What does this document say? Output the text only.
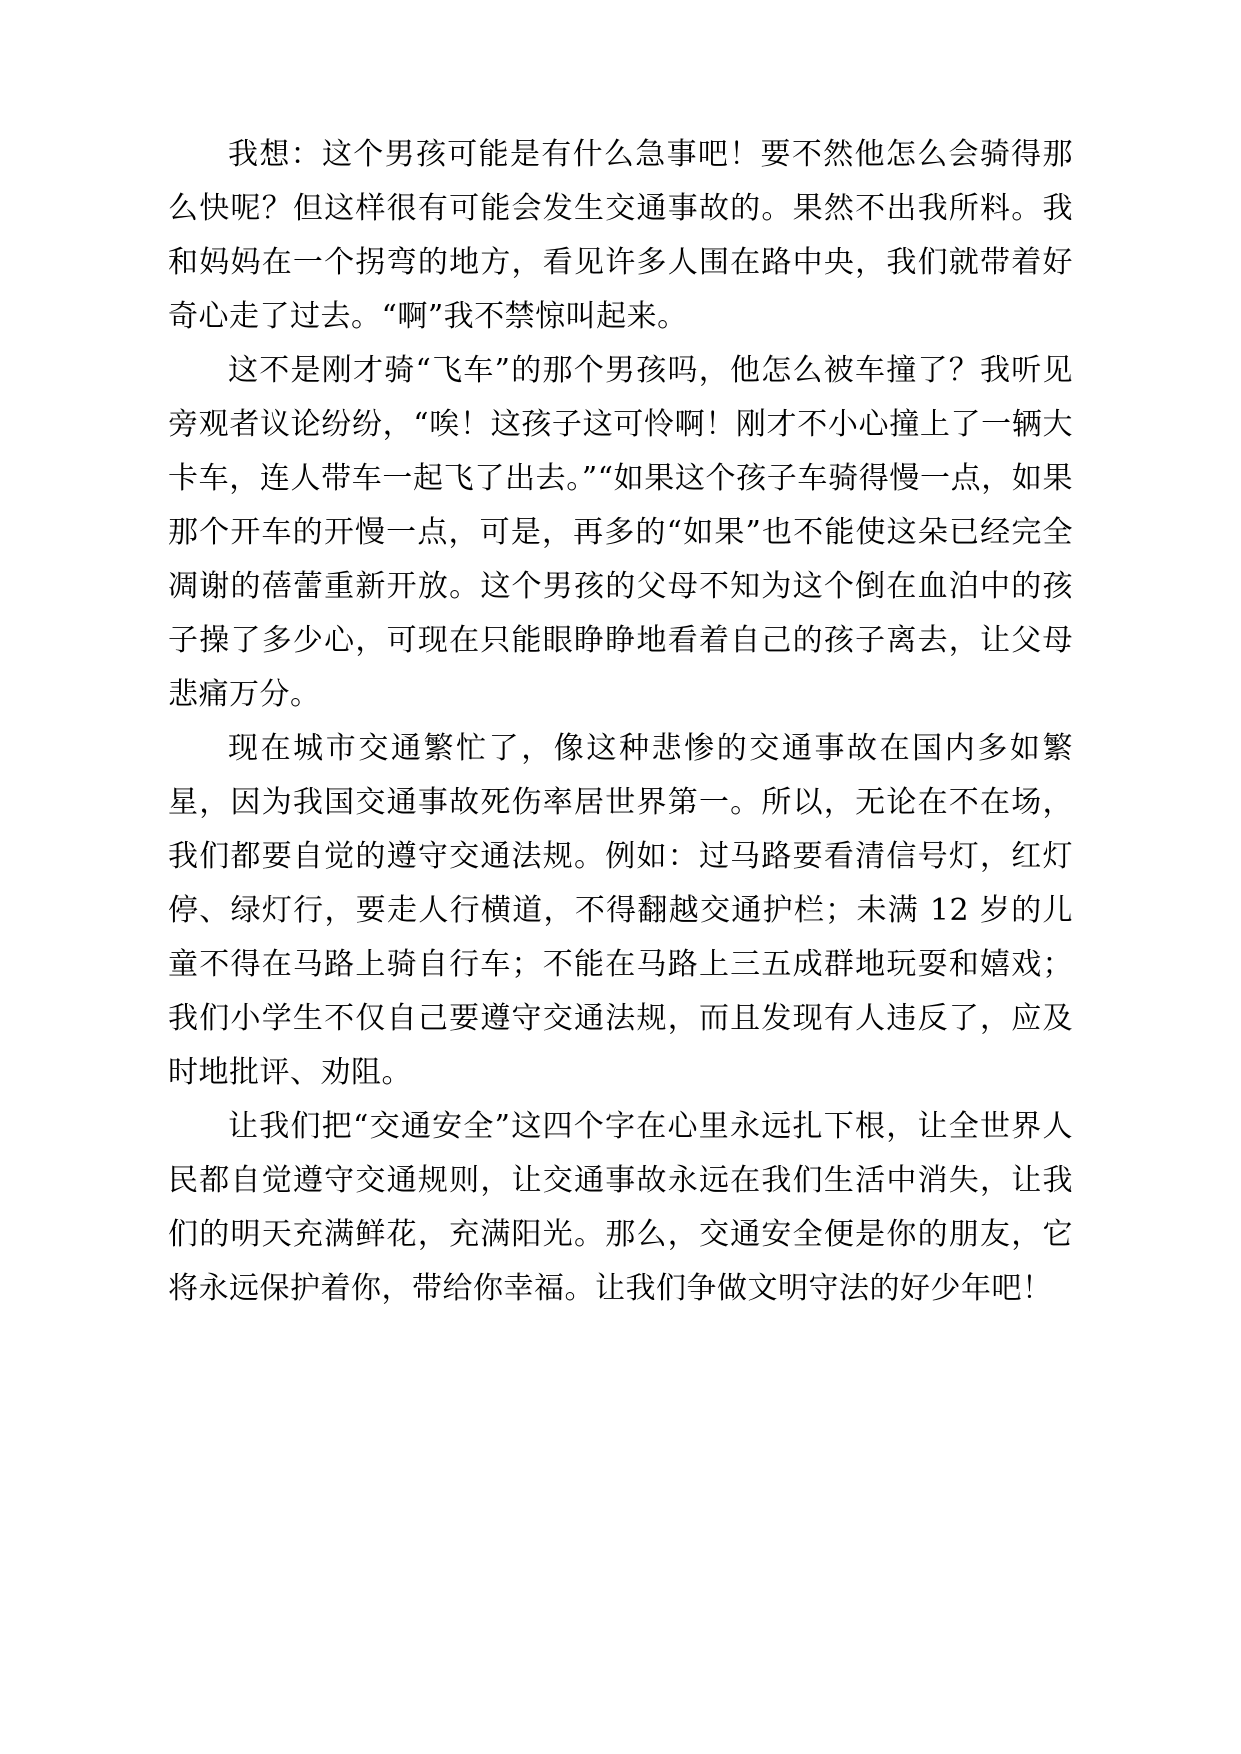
我想：这个男孩可能是有什么急事吧！要不然他怎么会骑得那么快呢？但这样很有可能会发生交通事故的。果然不出我所料。我和妈妈在一个拐弯的地方，看见许多人围在路中央，我们就带着好奇心走了过去。“啊”我不禁惊叫起来。

这不是刚才骑“飞车”的那个男孩吗，他怎么被车撞了？我听见旁观者议论纷纷，“唉！这孩子这可怜啊！刚才不小心撞上了一辆大卡车，连人带车一起飞了出去。”“如果这个孩子车骑得慢一点，如果那个开车的开慢一点，可是，再多的“如果”也不能使这朵已经完全凋谢的蓓蕾重新开放。这个男孩的父母不知为这个倒在血泊中的孩子操了多少心，可现在只能眼睁睁地看着自己的孩子离去，让父母悲痛万分。

现在城市交通繁忙了，像这种悲惨的交通事故在国内多如繁星，因为我国交通事故死伤率居世界第一。所以，无论在不在场，我们都要自觉的遵守交通法规。例如：过马路要看清信号灯，红灯停、绿灯行，要走人行横道，不得翻越交通护栏；未满 12 岁的儿童不得在马路上骑自行车；不能在马路上三五成群地玩耍和嬉戏；我们小学生不仅自己要遵守交通法规，而且发现有人违反了，应及时地批评、劝阻。

让我们把“交通安全”这四个字在心里永远扎下根，让全世界人民都自觉遵守交通规则，让交通事故永远在我们生活中消失，让我们的明天充满鲜花，充满阳光。那么，交通安全便是你的朋友，它将永远保护着你，带给你幸福。让我们争做文明守法的好少年吧！
